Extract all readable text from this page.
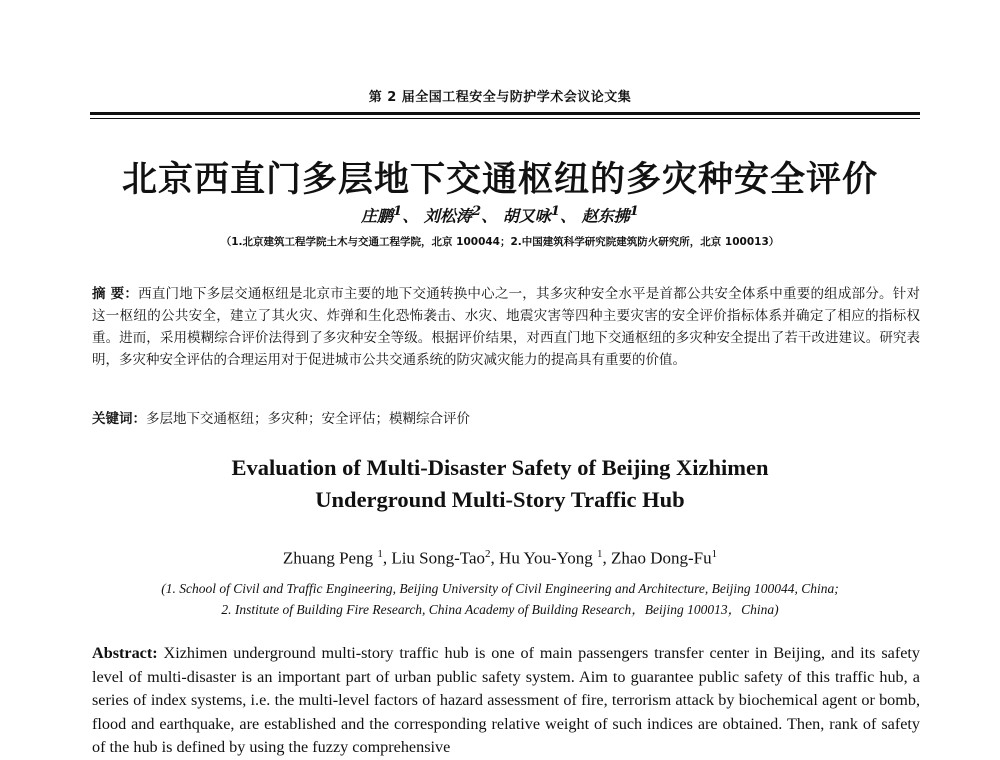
第 2 届全国工程安全与防护学术会议论文集
北京西直门多层地下交通枢纽的多灾种安全评价
庄鹏$^1$、 刘松涛$^2$、 胡又咏$^1$、 赵东拂$^1$
（1.北京建筑工程学院土木与交通工程学院，北京 100044；2.中国建筑科学研究院建筑防火研究所，北京 100013）
摘 要：西直门地下多层交通枢纽是北京市主要的地下交通转换中心之一，其多灾种安全水平是首都公共安全体系中重要的组成部分。针对这一枢纽的公共安全，建立了其火灾、炸弹和生化恐怖袭击、水灾、地震灾害等四种主要灾害的安全评价指标体系并确定了相应的指标权重。进而，采用模糊综合评价法得到了多灾种安全等级。根据评价结果，对西直门地下交通枢纽的多灾种安全提出了若干改进建议。研究表明，多灾种安全评估的合理运用对于促进城市公共交通系统的防灾减灾能力的提高具有重要的价值。
关键词：多层地下交通枢纽；多灾种；安全评估；模糊综合评价
Evaluation of Multi-Disaster Safety of Beijing Xizhimen
Underground Multi-Story Traffic Hub
Zhuang Peng $^1$, Liu Song-Tao$^2$, Hu You-Yong $^1$, Zhao Dong-Fu$^1$
(1. School of Civil and Traffic Engineering, Beijing University of Civil Engineering and Architecture, Beijing 100044, China;
2. Institute of Building Fire Research, China Academy of Building Research，Beijing 100013，China)
Abstract: Xizhimen underground multi-story traffic hub is one of main passengers transfer center in Beijing, and its safety level of multi-disaster is an important part of urban public safety system. Aim to guarantee public safety of this traffic hub, a series of index systems, i.e. the multi-level factors of hazard assessment of fire, terrorism attack by biochemical agent or bomb, flood and earthquake, are established and the corresponding relative weight of such indices are obtained. Then, rank of safety of the hub is defined by using the fuzzy comprehensive
